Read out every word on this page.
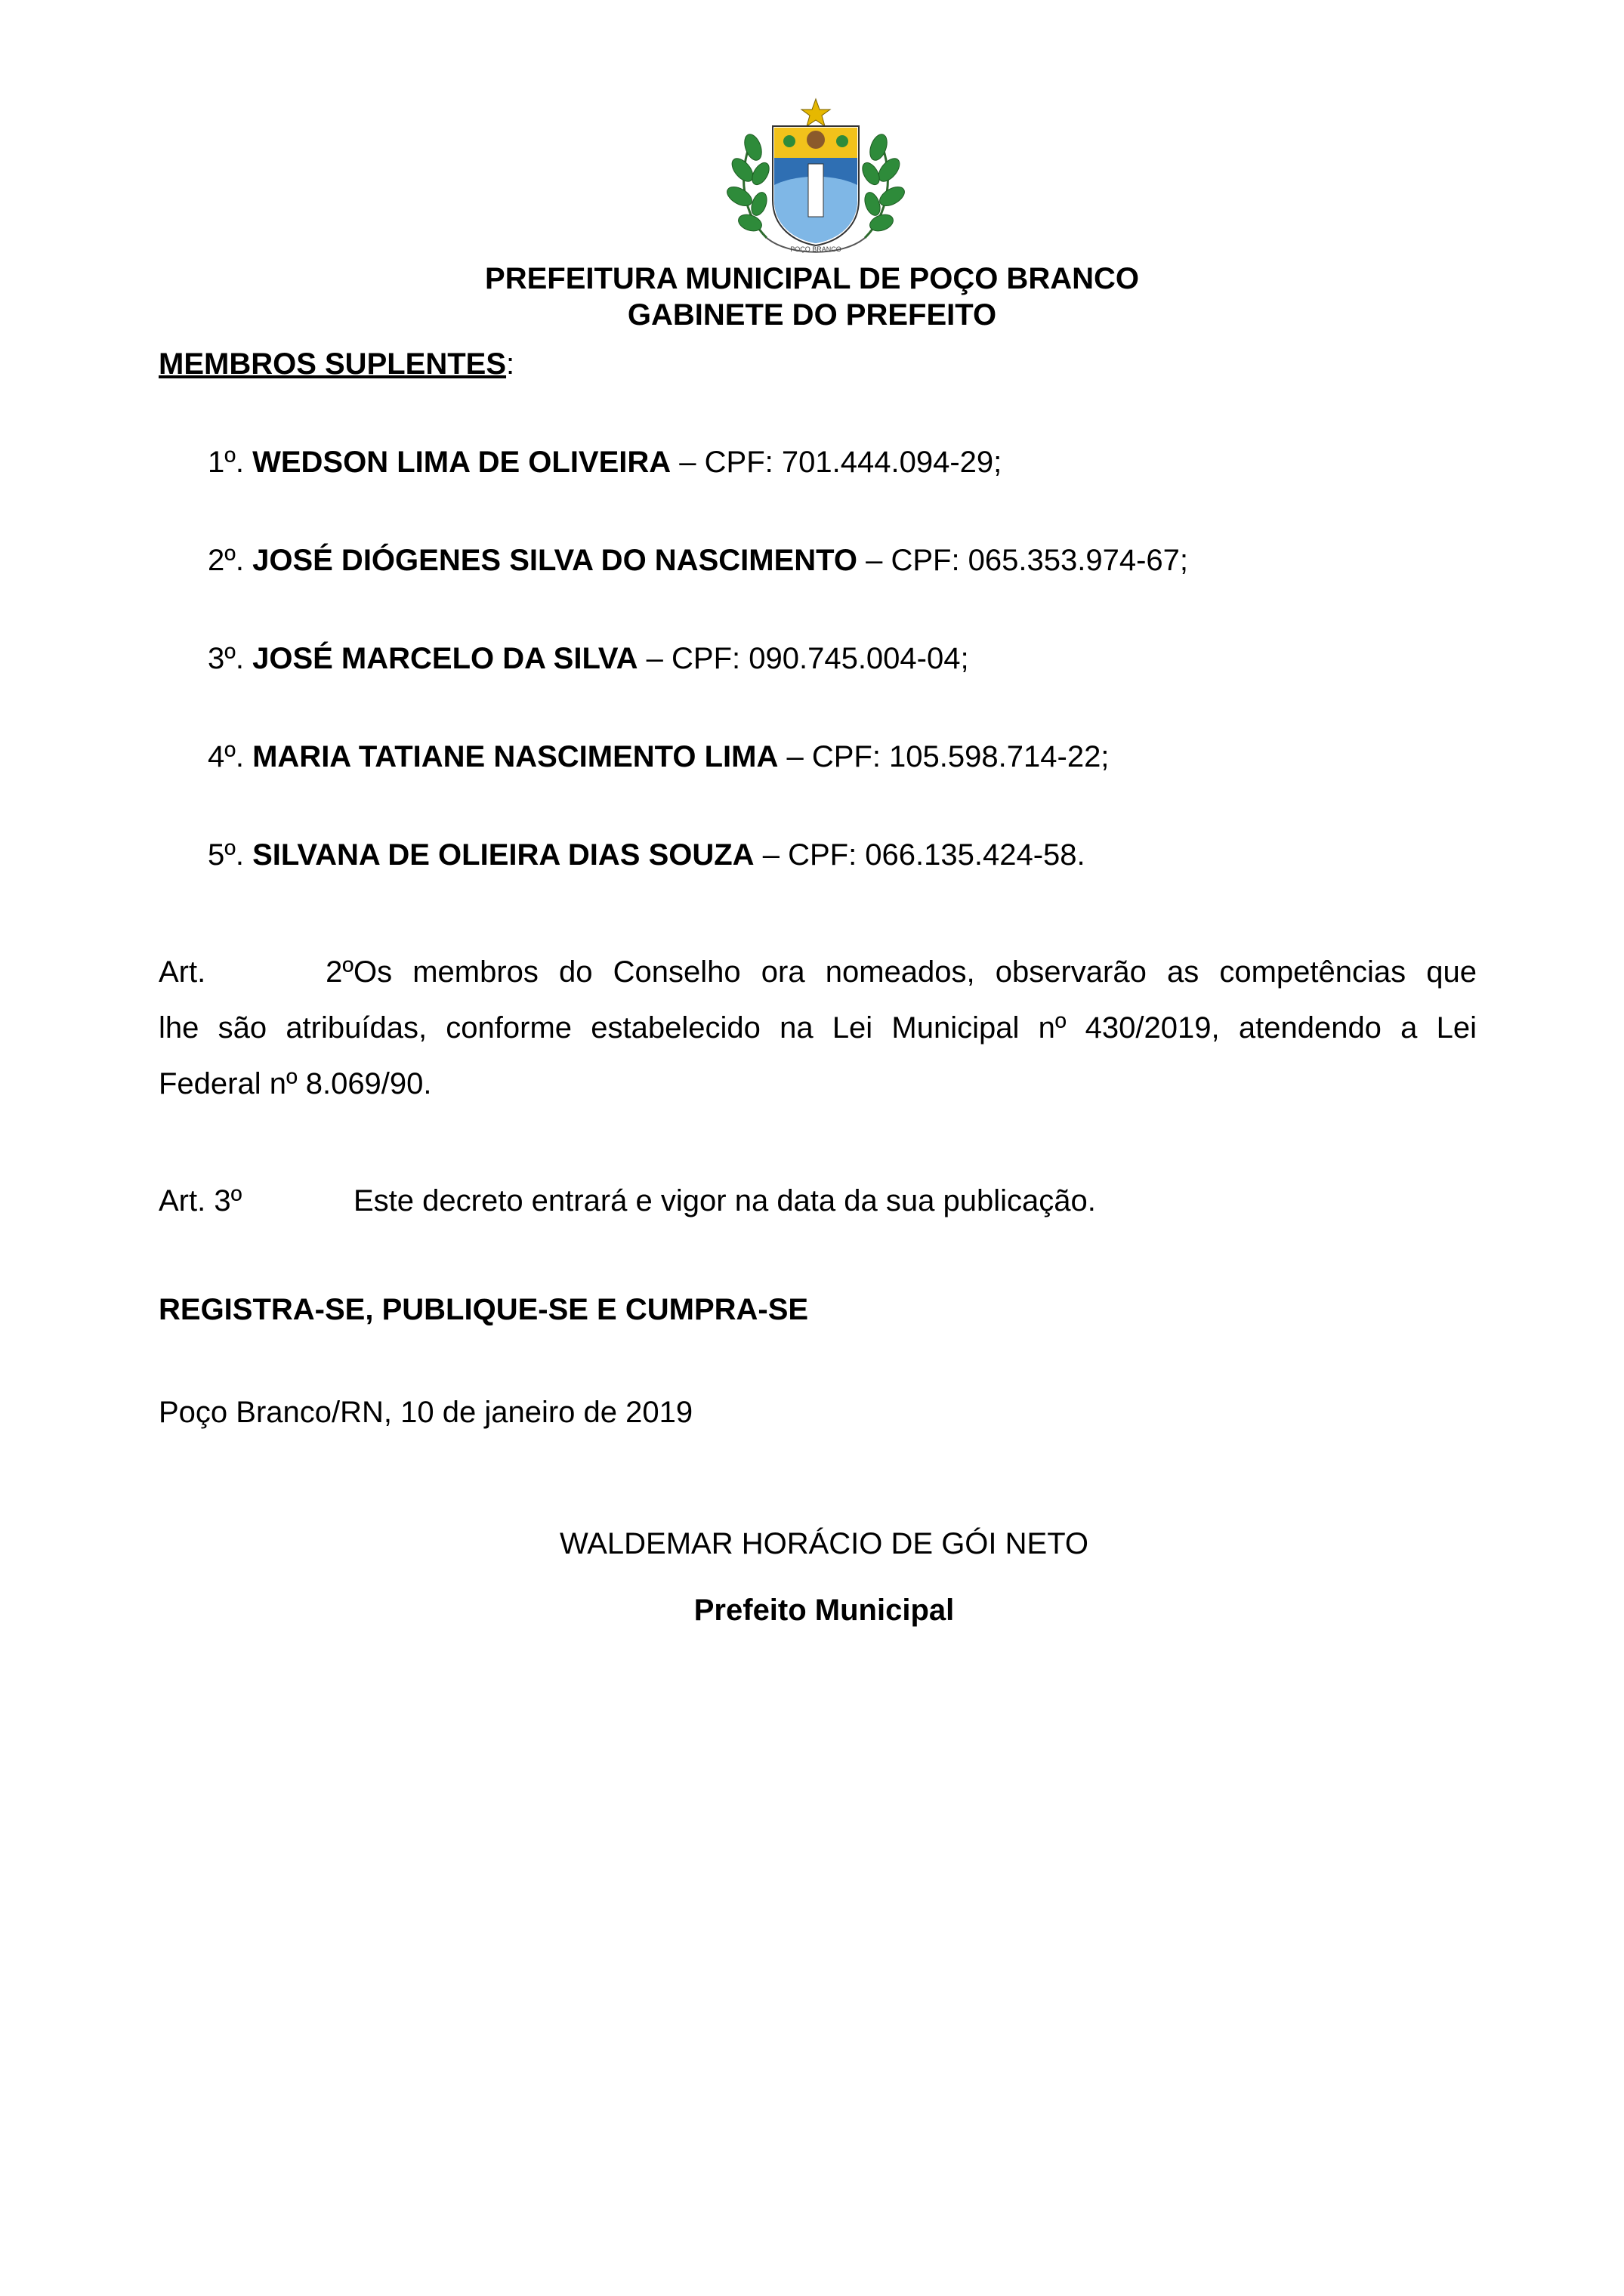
POÇO BRANCO
PREFEITURA MUNICIPAL DE POÇO BRANCO
GABINETE DO PREFEITO
MEMBROS SUPLENTES:
1º. WEDSON LIMA DE OLIVEIRA – CPF: 701.444.094-29;
2º. JOSÉ DIÓGENES SILVA DO NASCIMENTO – CPF: 065.353.974-67;
3º. JOSÉ MARCELO DA SILVA – CPF: 090.745.004-04;
4º. MARIA TATIANE NASCIMENTO LIMA – CPF: 105.598.714-22;
5º. SILVANA DE OLIEIRA DIAS SOUZA – CPF: 066.135.424-58.
Art. 2ºOs membros do Conselho ora nomeados, observarão as competências que
lhe são atribuídas, conforme estabelecido na Lei Municipal nº 430/2019, atendendo a Lei
Federal nº 8.069/90.
Art. 3º	Este decreto entrará e vigor na data da sua publicação.
REGISTRA-SE, PUBLIQUE-SE E CUMPRA-SE
Poço Branco/RN, 10 de janeiro de 2019
WALDEMAR HORÁCIO DE GÓI NETO
Prefeito Municipal
